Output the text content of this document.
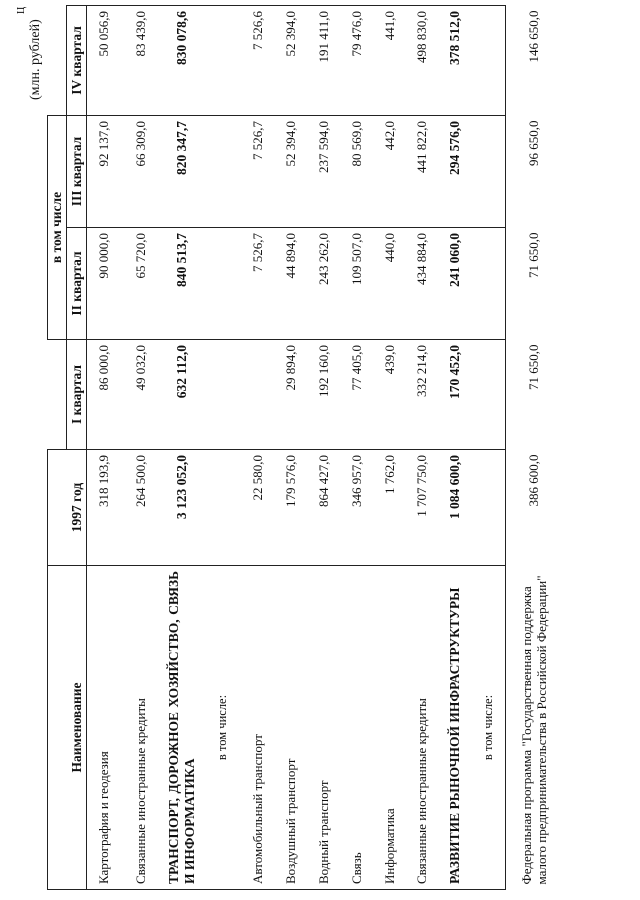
Ц
(млн. рублей)
Наименование	1997 год		в том числе		
		I квартал	II квартал	III квартал	IV квартал
Картография и геодезия	318 193,9	86 000,0	90 000,0	92 137,0	50 056,9
Связанные иностранные кредиты	264 500,0	49 032,0	65 720,0	66 309,0	83 439,0
ТРАНСПОРТ, ДОРОЖНОЕ ХОЗЯЙСТВО, СВЯЗЬ И ИНФОРМАТИКА	3 123 052,0	632 112,0	840 513,7	820 347,7	830 078,6
в том числе:					
Автомобильный транспорт	22 580,0		7 526,7	7 526,7	7 526,6
Воздушный транспорт	179 576,0	29 894,0	44 894,0	52 394,0	52 394,0
Водный транспорт	864 427,0	192 160,0	243 262,0	237 594,0	191 411,0
Связь	346 957,0	77 405,0	109 507,0	80 569,0	79 476,0
Информатика	1 762,0	439,0	440,0	442,0	441,0
Связанные иностранные кредиты	1 707 750,0	332 214,0	434 884,0	441 822,0	498 830,0
РАЗВИТИЕ РЫНОЧНОЙ ИНФРАСТРУКТУРЫ	1 084 600,0	170 452,0	241 060,0	294 576,0	378 512,0
в том числе:					
Федеральная программа "Государственная поддержка малого предпринимательства в Российской Федерации"	386 600,0	71 650,0	71 650,0	96 650,0	146 650,0
